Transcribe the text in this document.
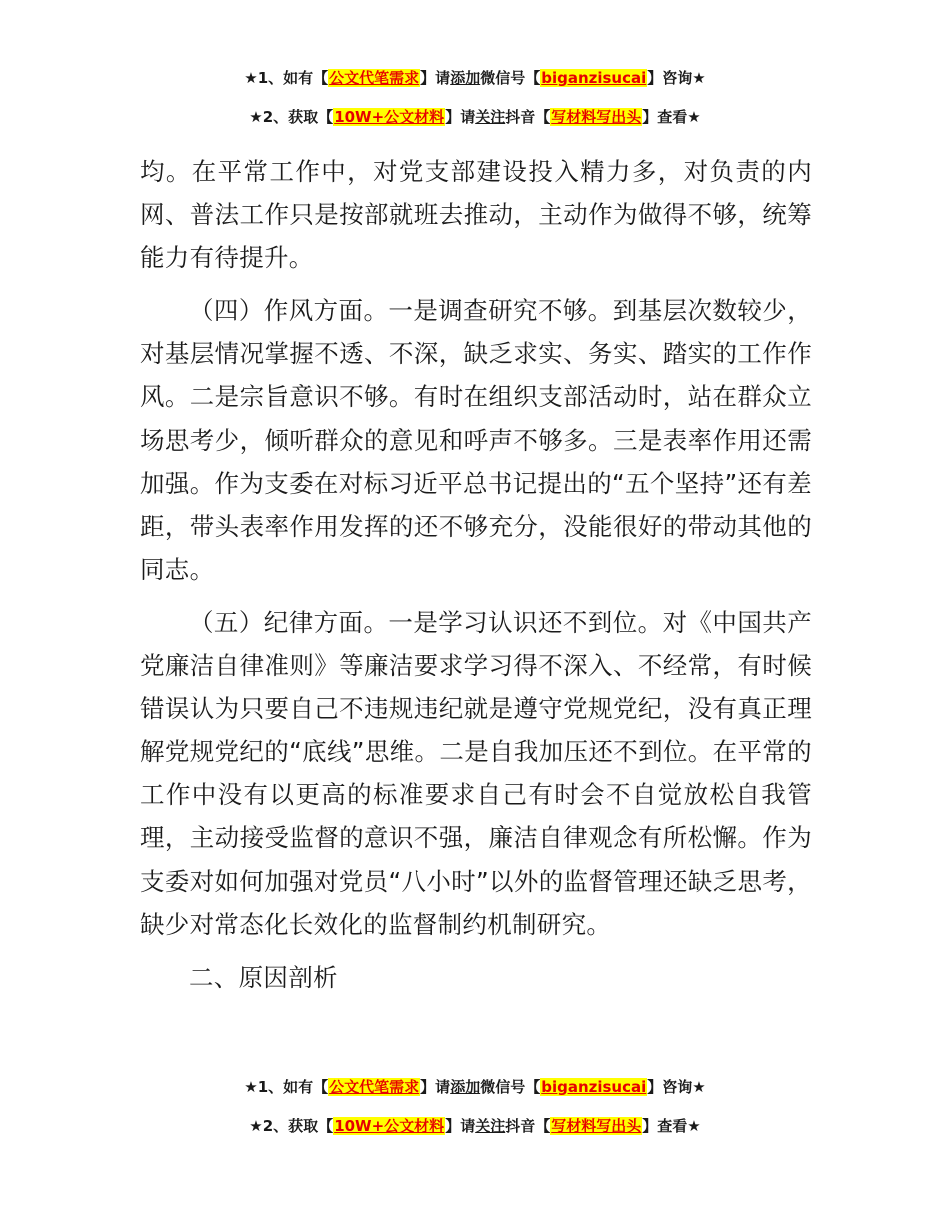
★1、如有【公文代笔需求】请添加微信号【biganzisucai】咨询★
★2、获取【10W+公文材料】请关注抖音【写材料写出头】查看★

均。在平常工作中，对党支部建设投入精力多，对负责的内网、普法工作只是按部就班去推动，主动作为做得不够，统筹能力有待提升。

（四）作风方面。一是调查研究不够。到基层次数较少，对基层情况掌握不透、不深，缺乏求实、务实、踏实的工作作风。二是宗旨意识不够。有时在组织支部活动时，站在群众立场思考少，倾听群众的意见和呼声不够多。三是表率作用还需加强。作为支委在对标习近平总书记提出的“五个坚持”还有差距，带头表率作用发挥的还不够充分，没能很好的带动其他的同志。

（五）纪律方面。一是学习认识还不到位。对《中国共产党廉洁自律准则》等廉洁要求学习得不深入、不经常，有时候错误认为只要自己不违规违纪就是遵守党规党纪，没有真正理解党规党纪的“底线”思维。二是自我加压还不到位。在平常的工作中没有以更高的标准要求自己有时会不自觉放松自我管理，主动接受监督的意识不强，廉洁自律观念有所松懈。作为支委对如何加强对党员“八小时”以外的监督管理还缺乏思考，缺少对常态化长效化的监督制约机制研究。

二、原因剖析

★1、如有【公文代笔需求】请添加微信号【biganzisucai】咨询★
★2、获取【10W+公文材料】请关注抖音【写材料写出头】查看★
